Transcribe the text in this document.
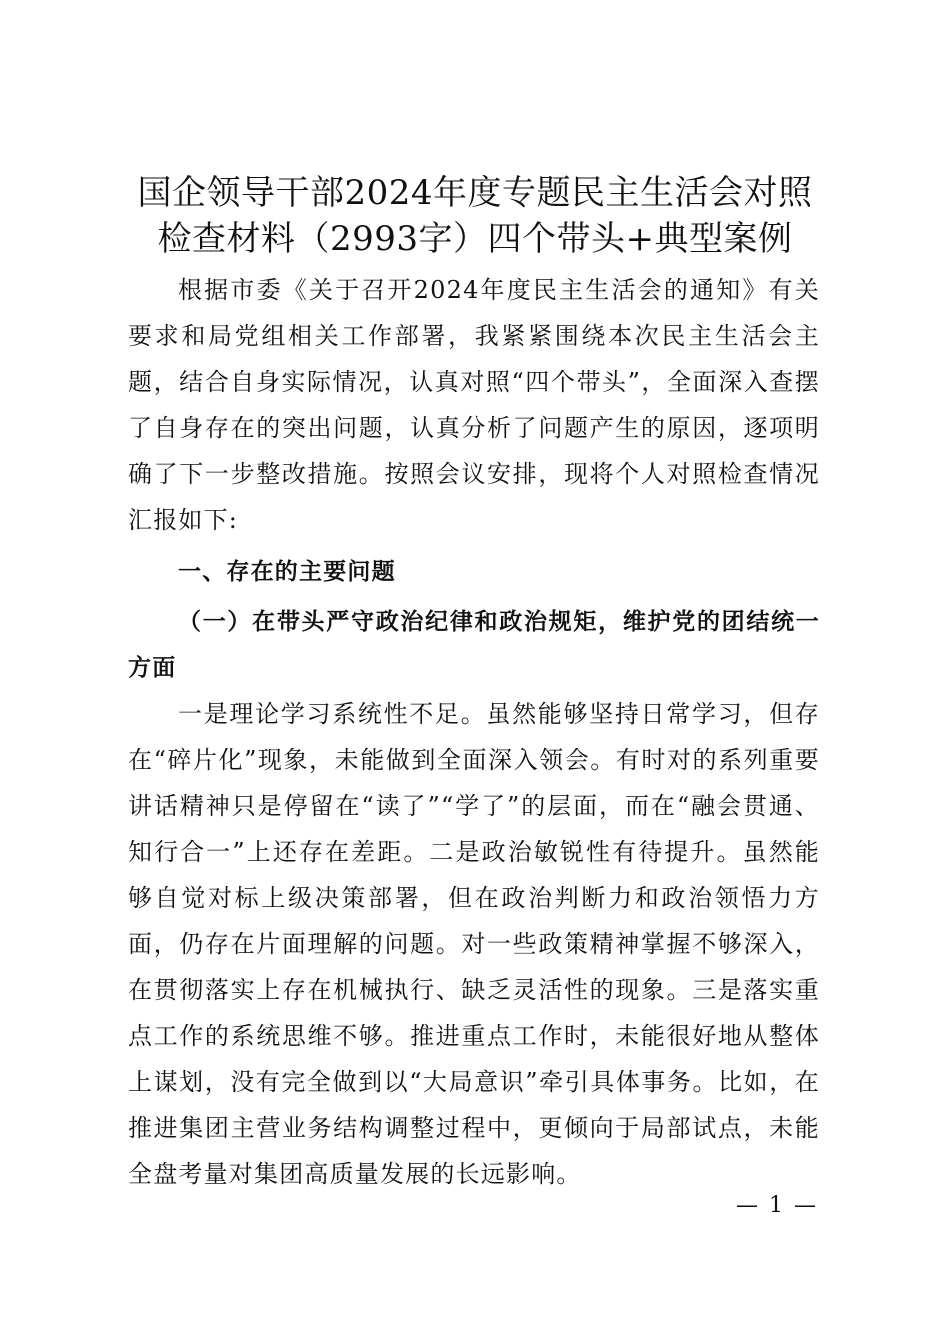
国企领导干部2024年度专题民主生活会对照
检查材料（2993字）四个带头+典型案例

根据市委《关于召开2024年度民主生活会的通知》有关要求和局党组相关工作部署，我紧紧围绕本次民主生活会主题，结合自身实际情况，认真对照“四个带头”，全面深入查摆了自身存在的突出问题，认真分析了问题产生的原因，逐项明确了下一步整改措施。按照会议安排，现将个人对照检查情况汇报如下:

一、存在的主要问题

（一）在带头严守政治纪律和政治规矩，维护党的团结统一方面

一是理论学习系统性不足。虽然能够坚持日常学习，但存在“碎片化”现象，未能做到全面深入领会。有时对的系列重要讲话精神只是停留在“读了”“学了”的层面，而在“融会贯通、知行合一”上还存在差距。二是政治敏锐性有待提升。虽然能够自觉对标上级决策部署，但在政治判断力和政治领悟力方面，仍存在片面理解的问题。对一些政策精神掌握不够深入，在贯彻落实上存在机械执行、缺乏灵活性的现象。三是落实重点工作的系统思维不够。推进重点工作时，未能很好地从整体上谋划，没有完全做到以“大局意识”牵引具体事务。比如，在推进集团主营业务结构调整过程中，更倾向于局部试点，未能全盘考量对集团高质量发展的长远影响。

— 1 —
